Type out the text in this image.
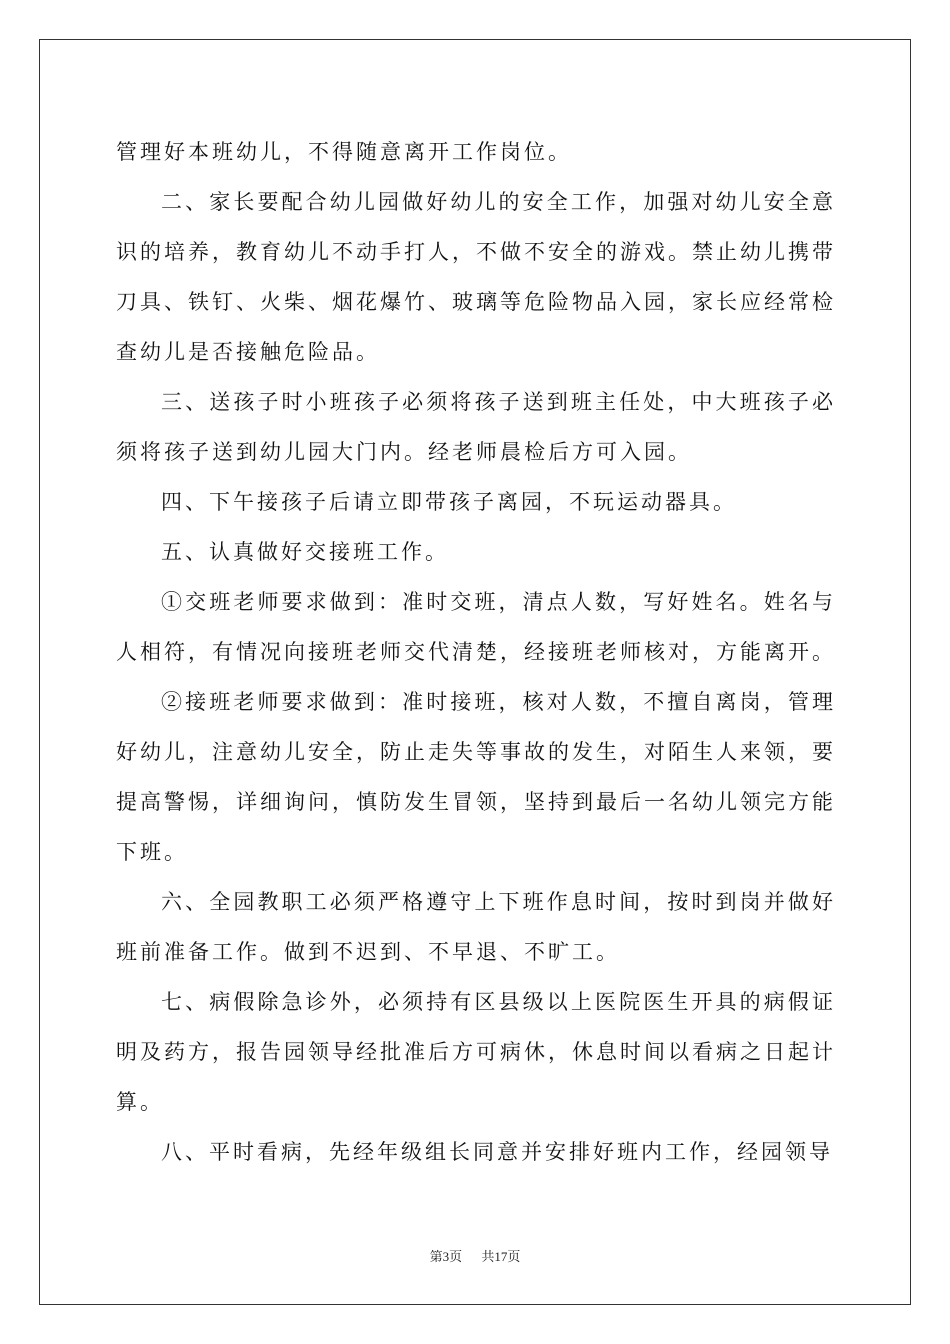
管理好本班幼儿，不得随意离开工作岗位。

二、家长要配合幼儿园做好幼儿的安全工作，加强对幼儿安全意识的培养，教育幼儿不动手打人，不做不安全的游戏。禁止幼儿携带刀具、铁钉、火柴、烟花爆竹、玻璃等危险物品入园，家长应经常检查幼儿是否接触危险品。

三、送孩子时小班孩子必须将孩子送到班主任处，中大班孩子必须将孩子送到幼儿园大门内。经老师晨检后方可入园。

四、下午接孩子后请立即带孩子离园，不玩运动器具。

五、认真做好交接班工作。

①交班老师要求做到：准时交班，清点人数，写好姓名。姓名与人相符，有情况向接班老师交代清楚，经接班老师核对，方能离开。

②接班老师要求做到：准时接班，核对人数，不擅自离岗，管理好幼儿，注意幼儿安全，防止走失等事故的发生，对陌生人来领，要提高警惕，详细询问，慎防发生冒领，坚持到最后一名幼儿领完方能下班。

六、全园教职工必须严格遵守上下班作息时间，按时到岗并做好班前准备工作。做到不迟到、不早退、不旷工。

七、病假除急诊外，必须持有区县级以上医院医生开具的病假证明及药方，报告园领导经批准后方可病休，休息时间以看病之日起计算。

八、平时看病，先经年级组长同意并安排好班内工作，经园领导

第3页 共17页
